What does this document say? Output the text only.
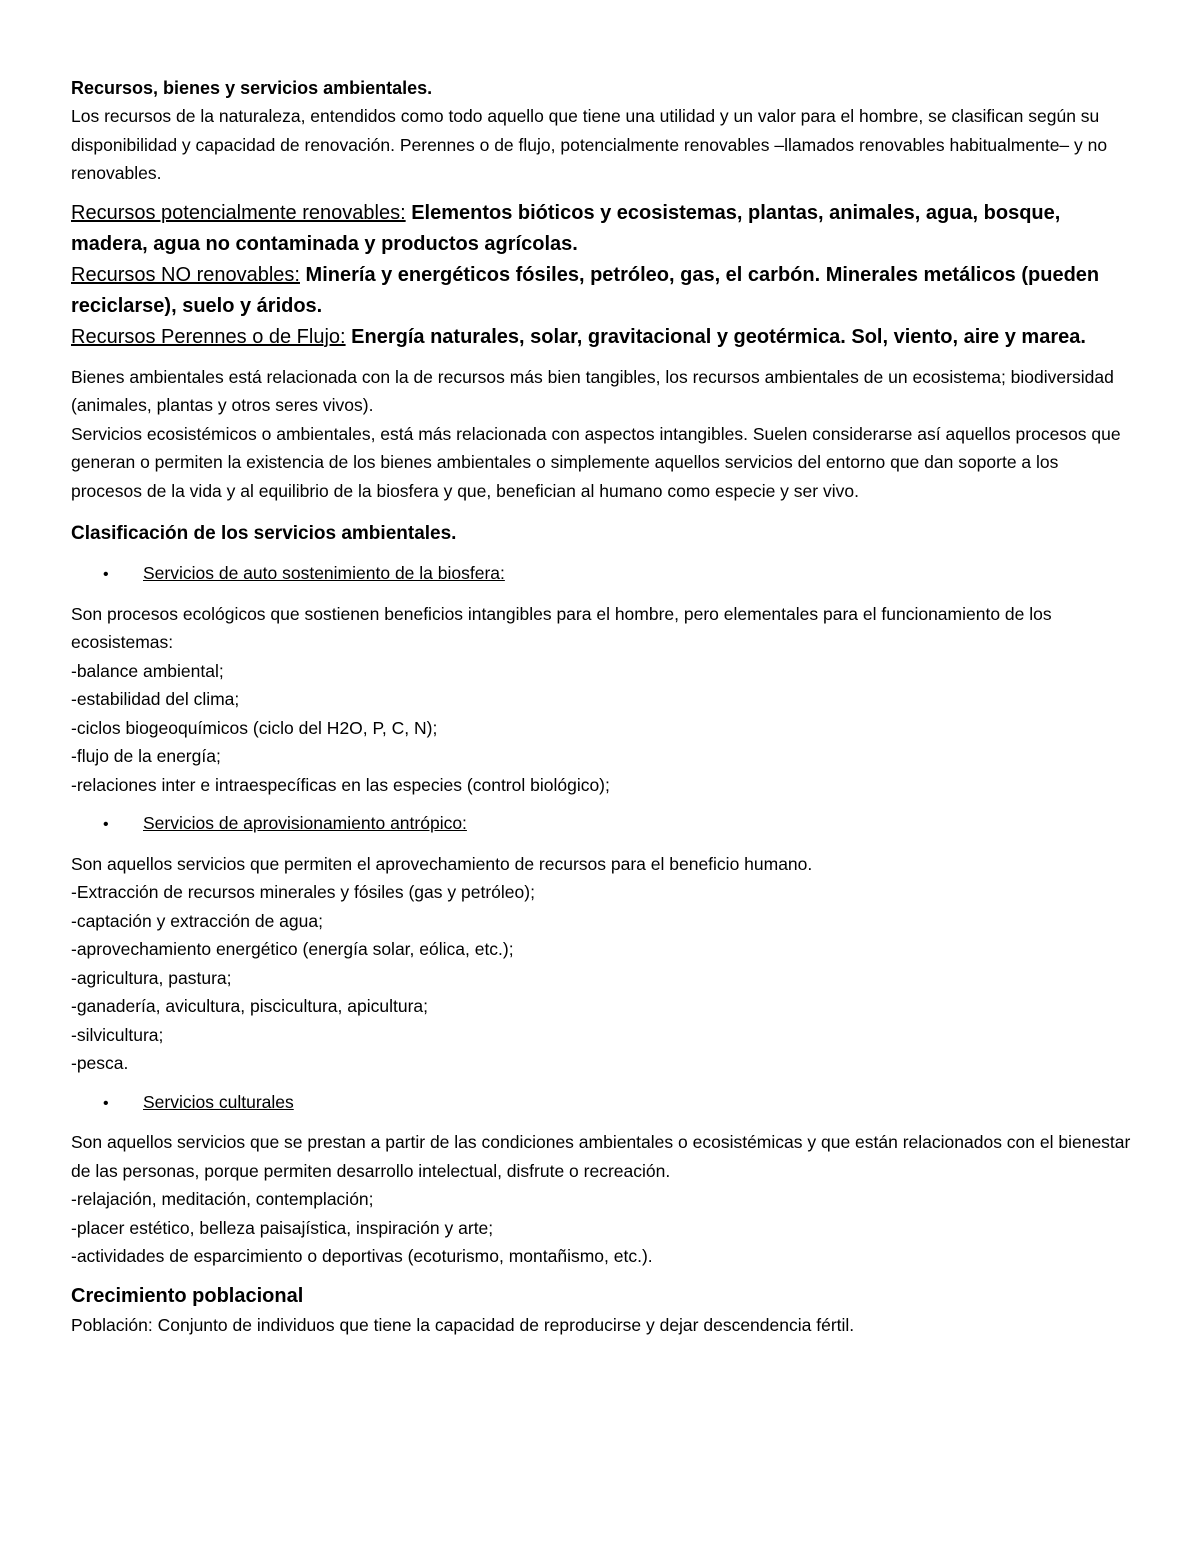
Recursos, bienes y servicios ambientales.

Los recursos de la naturaleza, entendidos como todo aquello que tiene una utilidad y un valor para el hombre, se clasifican según su disponibilidad y capacidad de renovación. Perennes o de flujo, potencialmente renovables –llamados renovables habitualmente– y no renovables.

Recursos potencialmente renovables: Elementos bióticos y ecosistemas, plantas, animales, agua, bosque, madera, agua no contaminada y productos agrícolas.

Recursos NO renovables: Minería y energéticos fósiles, petróleo, gas, el carbón. Minerales metálicos (pueden reciclarse), suelo y áridos.

Recursos Perennes o de Flujo: Energía naturales, solar, gravitacional y geotérmica. Sol, viento, aire y marea.

Bienes ambientales está relacionada con la de recursos más bien tangibles, los recursos ambientales de un ecosistema; biodiversidad (animales, plantas y otros seres vivos).

Servicios ecosistémicos o ambientales, está más relacionada con aspectos intangibles. Suelen considerarse así aquellos procesos que generan o permiten la existencia de los bienes ambientales o simplemente aquellos servicios del entorno que dan soporte a los procesos de la vida y al equilibrio de la biosfera y que, benefician al humano como especie y ser vivo.

Clasificación de los servicios ambientales.

•	Servicios de auto sostenimiento de la biosfera:

Son procesos ecológicos que sostienen beneficios intangibles para el hombre, pero elementales para el funcionamiento de los ecosistemas:

-balance ambiental;
-estabilidad del clima;
-ciclos biogeoquímicos (ciclo del H2O, P, C, N);
-flujo de la energía;
-relaciones inter e intraespecíficas en las especies (control biológico);
•	Servicios de aprovisionamiento antrópico:

Son aquellos servicios que permiten el aprovechamiento de recursos para el beneficio humano.

-Extracción de recursos minerales y fósiles (gas y petróleo);
-captación y extracción de agua;
-aprovechamiento energético (energía solar, eólica, etc.);
-agricultura, pastura;
-ganadería, avicultura, piscicultura, apicultura;
-silvicultura;
-pesca.
•	Servicios culturales

Son aquellos servicios que se prestan a partir de las condiciones ambientales o ecosistémicas y que están relacionados con el bienestar de las personas, porque permiten desarrollo intelectual, disfrute o recreación.

-relajación, meditación, contemplación;
-placer estético, belleza paisajística, inspiración y arte;
-actividades de esparcimiento o deportivas (ecoturismo, montañismo, etc.).

Crecimiento poblacional

Población: Conjunto de individuos que tiene la capacidad de reproducirse y dejar descendencia fértil.
